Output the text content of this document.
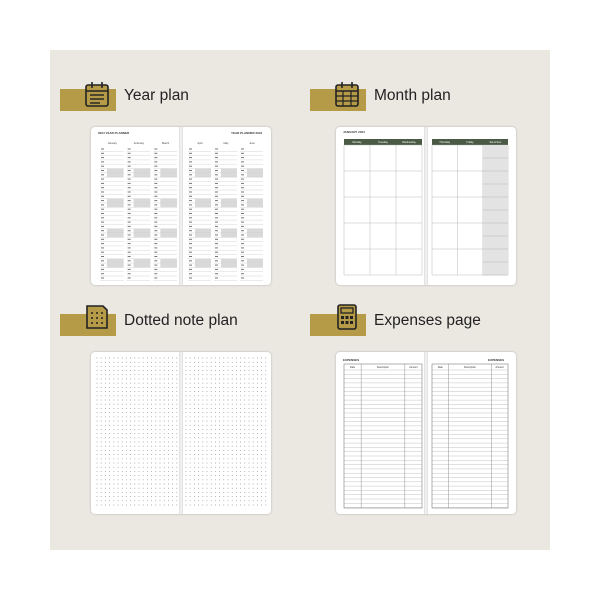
Year plan
2024 YEAR PLANNER	YEAR PLANNER 2024
January	February	March	April	May	June
Month plan
JANUARY 2024
Monday	Tuesday	Wednesday	Thursday	Friday	Sat & Sun
Dotted note plan	Expenses page
EXPENSES	EXPENSES
Date	Description	Amount	Date	Description	Amount
